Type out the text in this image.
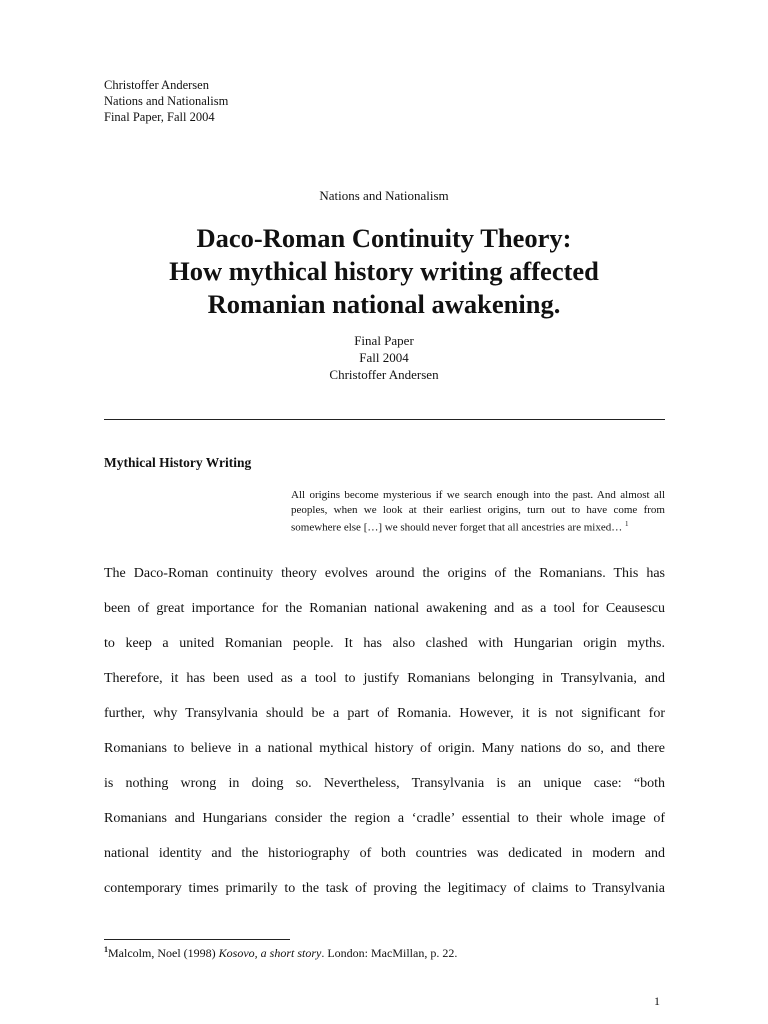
Christoffer Andersen
Nations and Nationalism
Final Paper, Fall 2004
Nations and Nationalism
Daco-Roman Continuity Theory:
How mythical history writing affected
Romanian national awakening.
Final Paper
Fall 2004
Christoffer Andersen
Mythical History Writing
All origins become mysterious if we search enough into the past. And almost all peoples, when we look at their earliest origins, turn out to have come from somewhere else […] we should never forget that all ancestries are mixed… $^1$
The Daco-Roman continuity theory evolves around the origins of the Romanians. This has
been of great importance for the Romanian national awakening and as a tool for Ceausescu
to keep a united Romanian people. It has also clashed with Hungarian origin myths.
Therefore, it has been used as a tool to justify Romanians belonging in Transylvania, and
further, why Transylvania should be a part of Romania. However, it is not significant for
Romanians to believe in a national mythical history of origin. Many nations do so, and there
is nothing wrong in doing so. Nevertheless, Transylvania is an unique case: “both
Romanians and Hungarians consider the region a ‘cradle’ essential to their whole image of
national identity and the historiography of both countries was dedicated in modern and
contemporary times primarily to the task of proving the legitimacy of claims to Transylvania
$^1$Malcolm, Noel (1998) Kosovo, a short story. London: MacMillan, p. 22.
1
